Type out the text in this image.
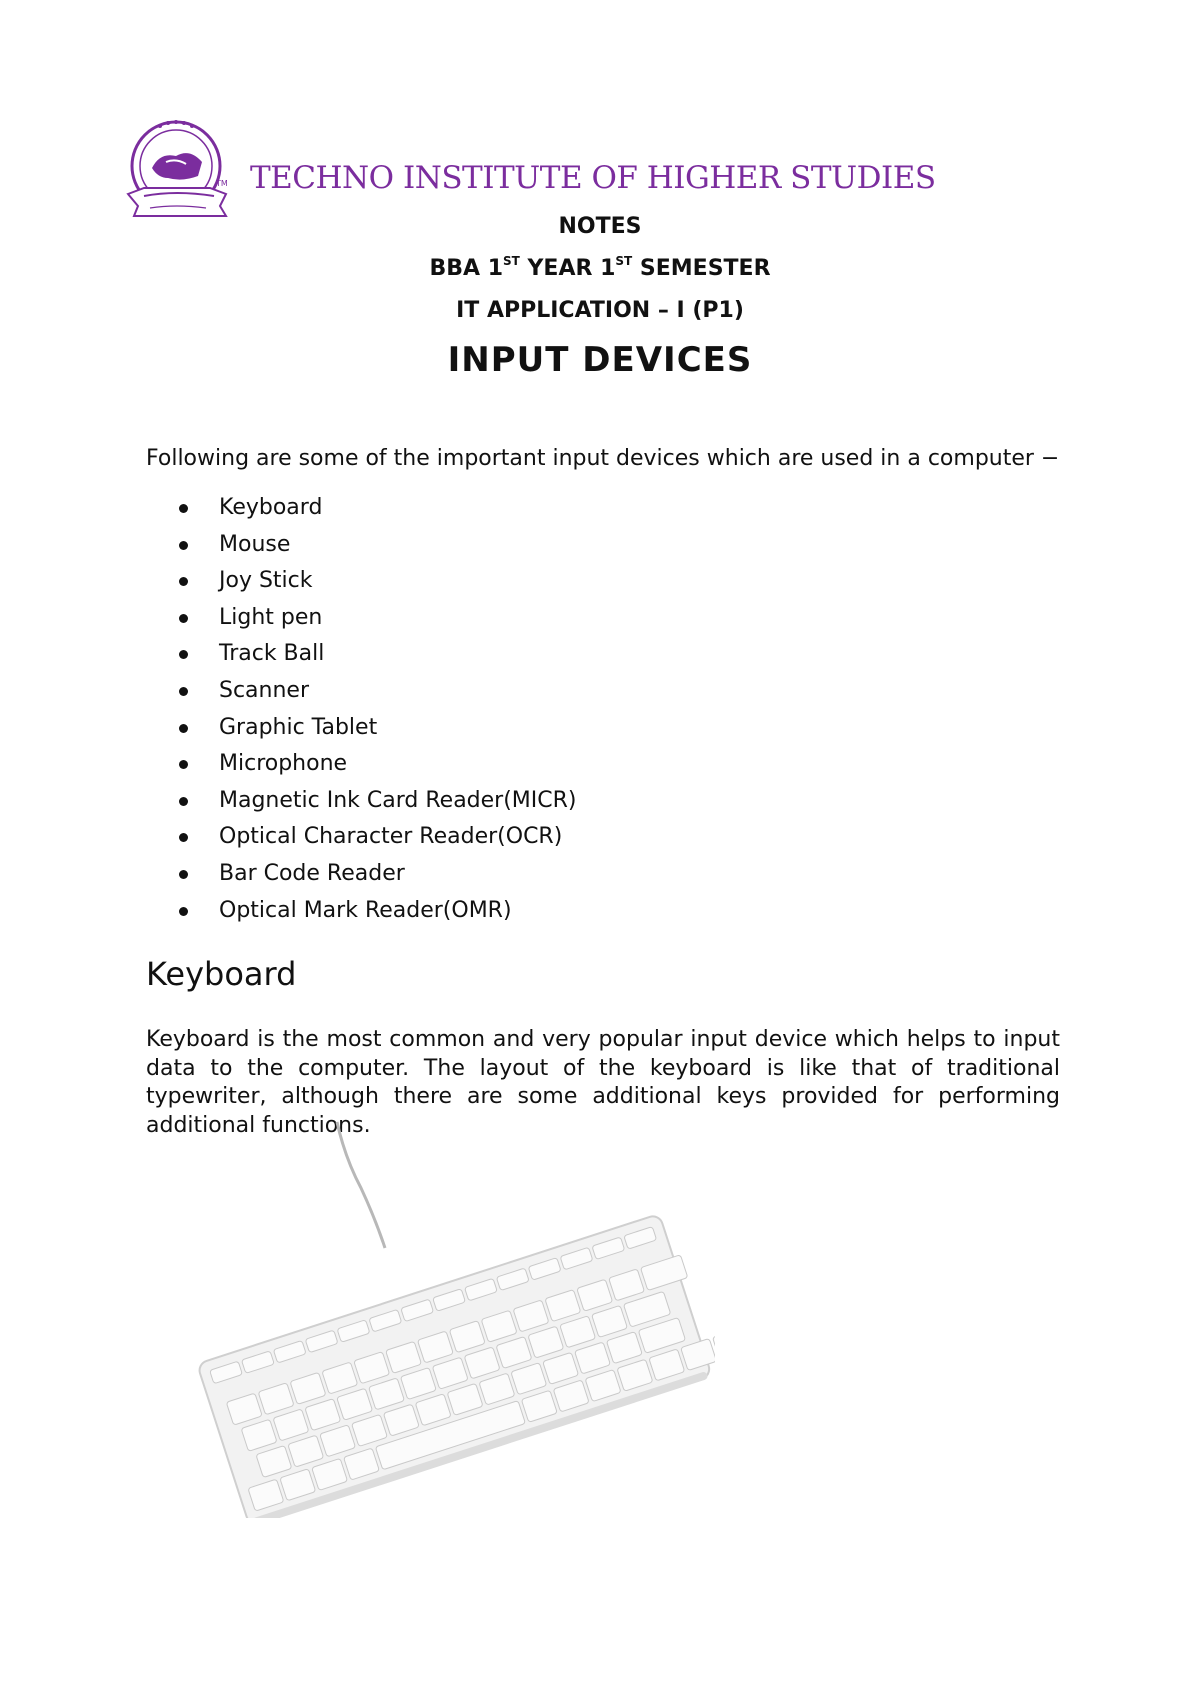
TM TECHNO INSTITUTE OF HIGHER STUDIES
NOTES
BBA 1ST YEAR 1ST SEMESTER
IT APPLICATION – I (P1)
INPUT DEVICES
Following are some of the important input devices which are used in a computer −
Keyboard
Mouse
Joy Stick
Light pen
Track Ball
Scanner
Graphic Tablet
Microphone
Magnetic Ink Card Reader(MICR)
Optical Character Reader(OCR)
Bar Code Reader
Optical Mark Reader(OMR)
Keyboard
Keyboard is the most common and very popular input device which helps to input data to the computer. The layout of the keyboard is like that of traditional typewriter, although there are some additional keys provided for performing additional functions.
